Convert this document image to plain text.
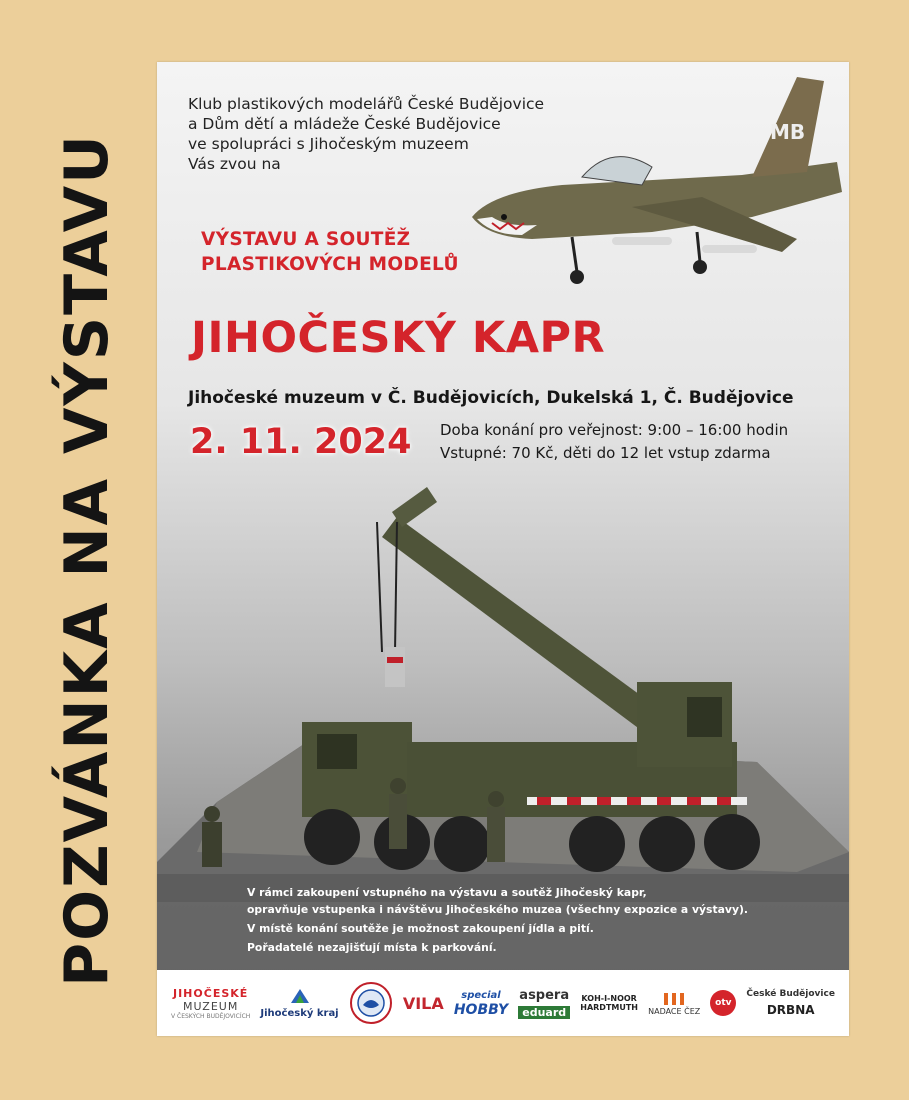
POZVÁNKA NA VÝSTAVU
MB
Klub plastikových modelářů České Budějovice
a Dům dětí a mládeže České Budějovice
ve spolupráci s Jihočeským muzeem
Vás zvou na
VÝSTAVU A SOUTĚŽ
PLASTIKOVÝCH MODELŮ
JIHOČESKÝ KAPR
Jihočeské muzeum v Č. Budějovicích, Dukelská 1, Č. Budějovice
2. 11. 2024 Doba konání pro veřejnost: 9:00 – 16:00 hodin
Vstupné: 70 Kč, děti do 12 let vstup zdarma
V rámci zakoupení vstupného na výstavu a soutěž Jihočeský kapr,
opravňuje vstupenka i návštěvu Jihočeského muzea (všechny expozice a výstavy).
V místě konání soutěže je možnost zakoupení jídla a pití.
Pořadatelé nezajišťují místa k parkování.
JIHOČESKÉ
MUZEUM
V ČESKÝCH BUDĚJOVICÍCH Jihočeský kraj
VILA special
HOBBY
aspera
eduard
KOH-I-NOOR
HARDTMUTH NADACE ČEZ
otv
České Budějovice
DRBNA
